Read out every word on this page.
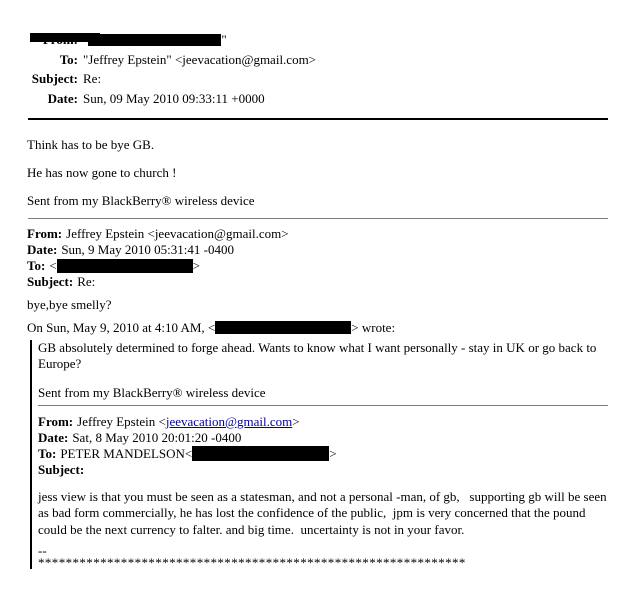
"
To: "Jeffrey Epstein" <jeevacation@gmail.com>
Subject: Re:
Date: Sun, 09 May 2010 09:33:11 +0000

Think has to be bye GB.

He has now gone to church !

Sent from my BlackBerry® wireless device

From: Jeffrey Epstein <jeevacation@gmail.com>
Date: Sun, 9 May 2010 05:31:41 -0400
To: <	>
Subject: Re:

bye,bye smelly?

On Sun, May 9, 2010 at 4:10 AM, <	> wrote:

GB absolutely determined to forge ahead. Wants to know what I want personally - stay in UK or go back to Europe?

Sent from my BlackBerry® wireless device

From: Jeffrey Epstein <jeevacation@gmail.com>
Date: Sat, 8 May 2010 20:01:20 -0400
To: PETER MANDELSON<	>
Subject:

jess view is that you must be seen as a statesman, and not a personal -man, of gb,   supporting gb will be seen as bad form commercially, he has lost the confidence of the public,  jpm is very concerned that the pound could be the next currency to falter. and big time.  uncertainty is not in your favor.

--
**************************************************************
